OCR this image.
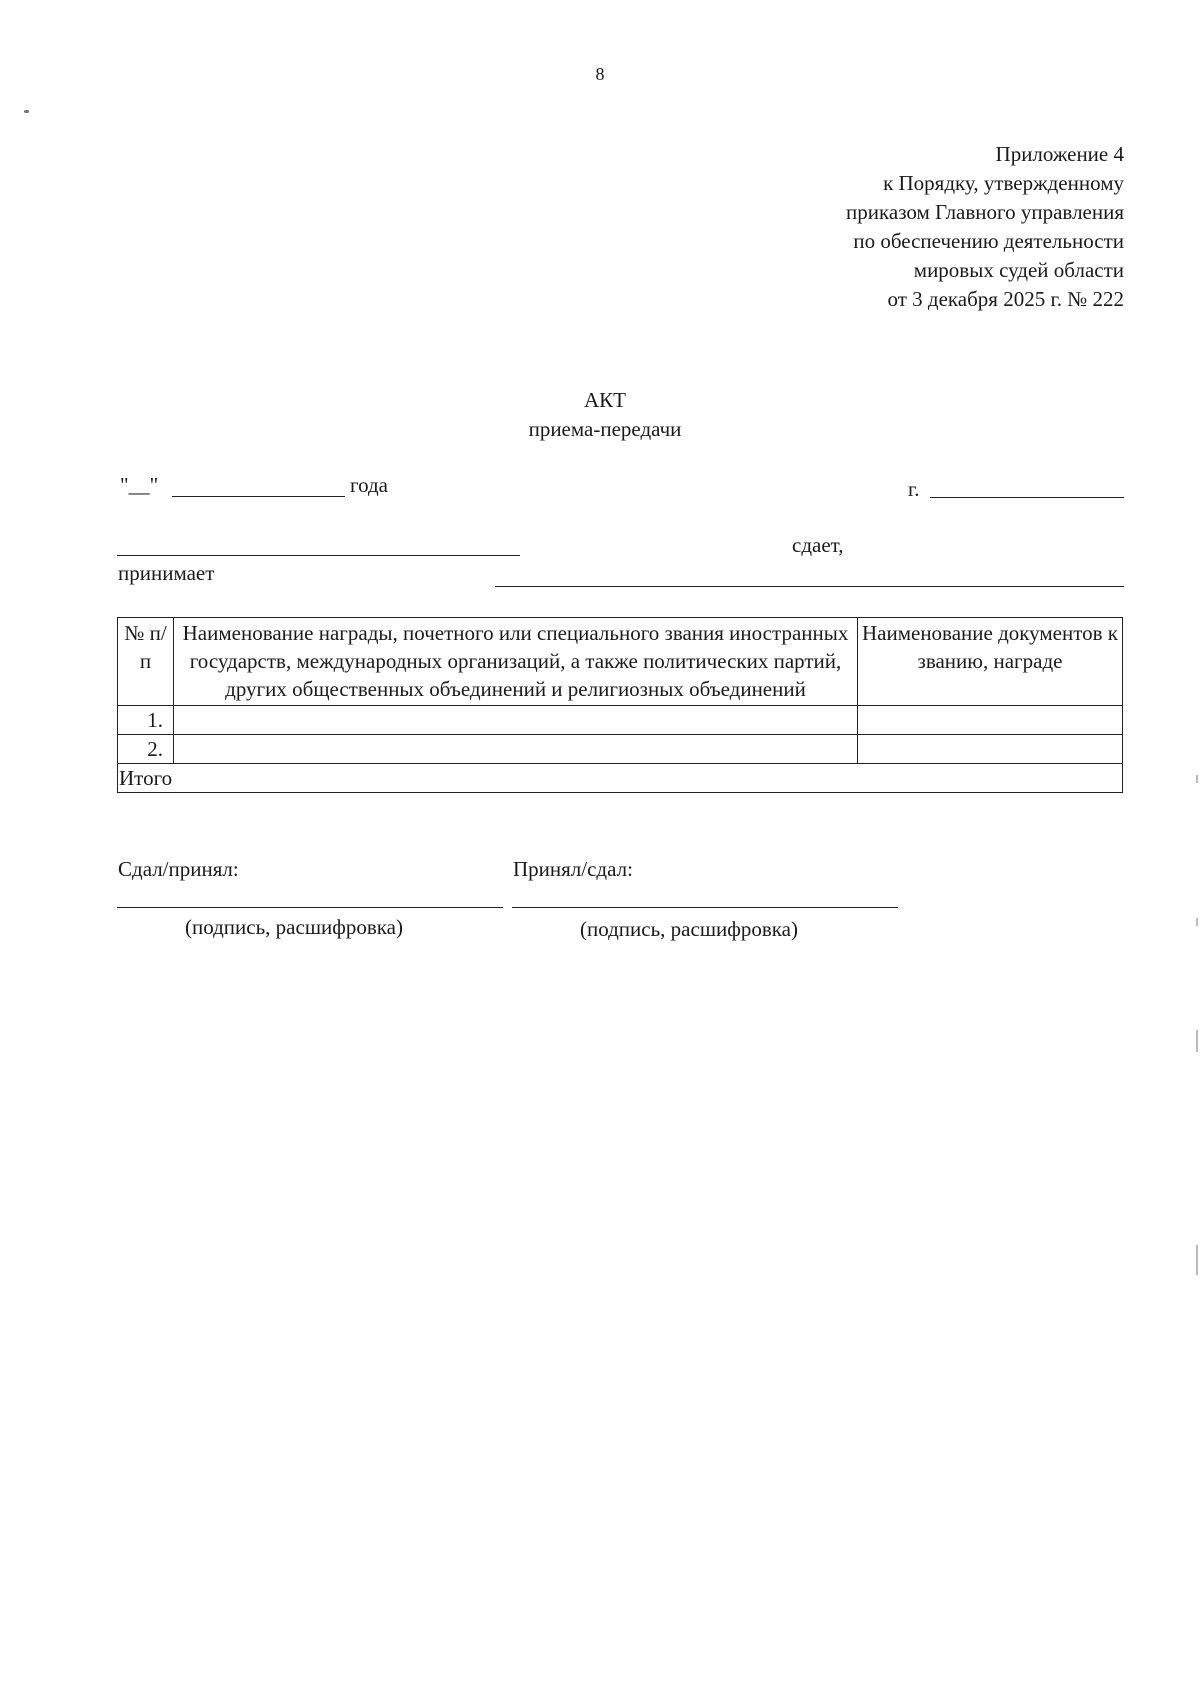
8
Приложение 4
к Порядку, утвержденному
приказом Главного управления
по обеспечению деятельности
мировых судей области
от 3 декабря 2025 г. № 222
АКТ
приема-передачи
"__"	года	г.
сдает,
принимает
№ п/п	Наименование награды, почетного или специального звания иностранных государств, международных организаций, а также политических партий, других общественных объединений и религиозных объединений	Наименование документов к званию, награде
1.		
2.		
Итого		
Сдал/принял:	Принял/сдал:
(подпись, расшифровка)	(подпись, расшифровка)
